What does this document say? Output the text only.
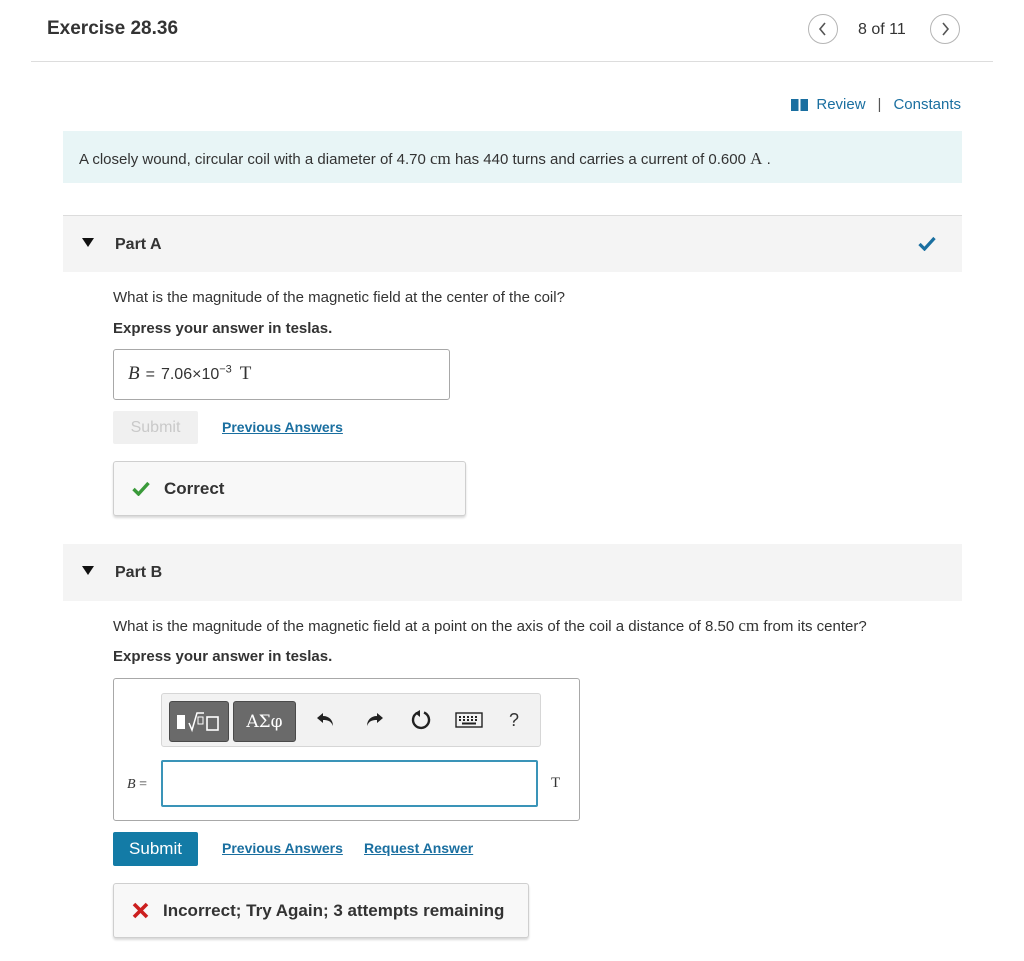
Exercise 28.36	8 of 11
Review | Constants
A closely wound, circular coil with a diameter of 4.70 cm has 440 turns and carries a current of 0.600 A .
Part A
What is the magnitude of the magnetic field at the center of the coil?
Express your answer in teslas.
$B = 7.06\times 10^{-3}$ T
Submit	Previous Answers
Correct
Part B
What is the magnitude of the magnetic field at a point on the axis of the coil a distance of 8.50 cm from its center?
Express your answer in teslas.
ΑΣφ	?
B =	T
Submit	Previous Answers Request Answer
Incorrect; Try Again; 3 attempts remaining
